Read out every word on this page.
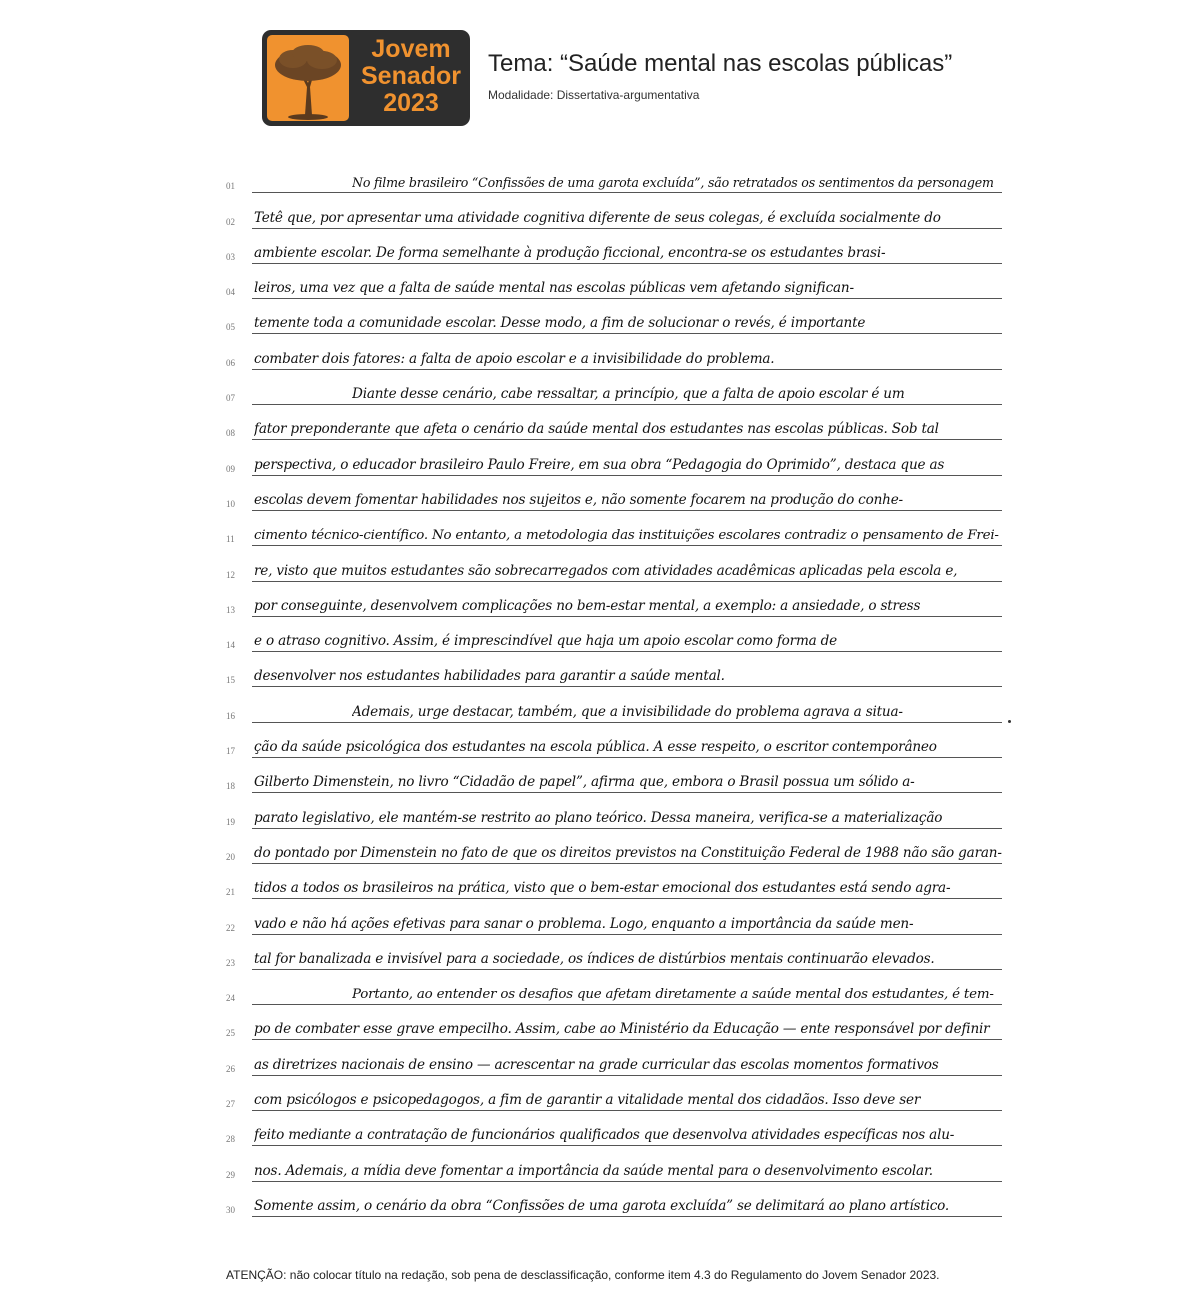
Jovem
Senador
2023
Tema: “Saúde mental nas escolas públicas”
Modalidade: Dissertativa-argumentativa
01	No filme brasileiro “Confissões de uma garota excluída”, são retratados os sentimentos da personagem
02	Tetê que, por apresentar uma atividade cognitiva diferente de seus colegas, é excluída socialmente do
03	ambiente escolar. De forma semelhante à produção ficcional, encontra-se os estudantes brasi-
04	leiros, uma vez que a falta de saúde mental nas escolas públicas vem afetando significan-
05	temente toda a comunidade escolar. Desse modo, a fim de solucionar o revés, é importante
06	combater dois fatores: a falta de apoio escolar e a invisibilidade do problema.
07	Diante desse cenário, cabe ressaltar, a princípio, que a falta de apoio escolar é um
08	fator preponderante que afeta o cenário da saúde mental dos estudantes nas escolas públicas. Sob tal
09	perspectiva, o educador brasileiro Paulo Freire, em sua obra “Pedagogia do Oprimido”, destaca que as
10	escolas devem fomentar habilidades nos sujeitos e, não somente focarem na produção do conhe-
11	cimento técnico-científico. No entanto, a metodologia das instituições escolares contradiz o pensamento de Frei-
12	re, visto que muitos estudantes são sobrecarregados com atividades acadêmicas aplicadas pela escola e,
13	por conseguinte, desenvolvem complicações no bem-estar mental, a exemplo: a ansiedade, o stress
14	e o atraso cognitivo. Assim, é imprescindível que haja um apoio escolar como forma de
15	desenvolver nos estudantes habilidades para garantir a saúde mental.
16	Ademais, urge destacar, também, que a invisibilidade do problema agrava a situa-
17	ção da saúde psicológica dos estudantes na escola pública. A esse respeito, o escritor contemporâneo
18	Gilberto Dimenstein, no livro “Cidadão de papel”, afirma que, embora o Brasil possua um sólido a-
19	parato legislativo, ele mantém-se restrito ao plano teórico. Dessa maneira, verifica-se a materialização
20	do pontado por Dimenstein no fato de que os direitos previstos na Constituição Federal de 1988 não são garan-
21	tidos a todos os brasileiros na prática, visto que o bem-estar emocional dos estudantes está sendo agra-
22	vado e não há ações efetivas para sanar o problema. Logo, enquanto a importância da saúde men-
23	tal for banalizada e invisível para a sociedade, os índices de distúrbios mentais continuarão elevados.
24	Portanto, ao entender os desafios que afetam diretamente a saúde mental dos estudantes, é tem-
25	po de combater esse grave empecilho. Assim, cabe ao Ministério da Educação — ente responsável por definir
26	as diretrizes nacionais de ensino — acrescentar na grade curricular das escolas momentos formativos
27	com psicólogos e psicopedagogos, a fim de garantir a vitalidade mental dos cidadãos. Isso deve ser
28	feito mediante a contratação de funcionários qualificados que desenvolva atividades específicas nos alu-
29	nos. Ademais, a mídia deve fomentar a importância da saúde mental para o desenvolvimento escolar.
30	Somente assim, o cenário da obra “Confissões de uma garota excluída” se delimitará ao plano artístico.
ATENÇÃO: não colocar título na redação, sob pena de desclassificação, conforme item 4.3 do Regulamento do Jovem Senador 2023.
